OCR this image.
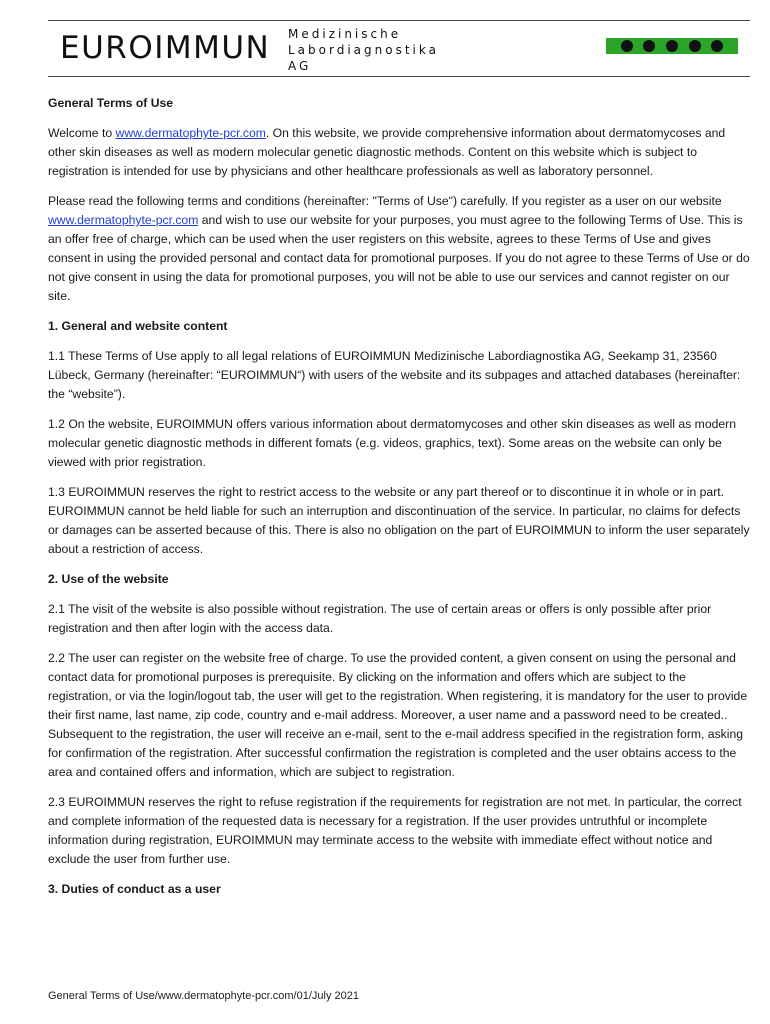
EUROIMMUN Medizinische
Labordiagnostika
AG
General Terms of Use

Welcome to www.dermatophyte-pcr.com. On this website, we provide comprehensive information about dermatomycoses and other skin diseases as well as modern molecular genetic diagnostic methods. Content on this website which is subject to registration is intended for use by physicians and other healthcare professionals as well as laboratory personnel.

Please read the following terms and conditions (hereinafter: "Terms of Use") carefully. If you register as a user on our website www.dermatophyte-pcr.com and wish to use our website for your purposes, you must agree to the following Terms of Use. This is an offer free of charge, which can be used when the user registers on this website, agrees to these Terms of Use and gives consent in using the provided personal and contact data for promotional purposes. If you do not agree to these Terms of Use or do not give consent in using the data for promotional purposes, you will not be able to use our services and cannot register on our site.

1. General and website content

1.1 These Terms of Use apply to all legal relations of EUROIMMUN Medizinische Labordiagnostika AG, Seekamp 31, 23560 Lübeck, Germany (hereinafter: “EUROIMMUN“) with users of the website and its subpages and attached databases (hereinafter: the “website”).

1.2 On the website, EUROIMMUN offers various information about dermatomycoses and other skin diseases as well as modern molecular genetic diagnostic methods in different fomats (e.g. videos, graphics, text). Some areas on the website can only be viewed with prior registration.

1.3 EUROIMMUN reserves the right to restrict access to the website or any part thereof or to discontinue it in whole or in part. EUROIMMUN cannot be held liable for such an interruption and discontinuation of the service. In particular, no claims for defects or damages can be asserted because of this. There is also no obligation on the part of EUROIMMUN to inform the user separately about a restriction of access.

2. Use of the website

2.1 The visit of the website is also possible without registration. The use of certain areas or offers is only possible after prior registration and then after login with the access data.

2.2 The user can register on the website free of charge. To use the provided content, a given consent on using the personal and contact data for promotional purposes is prerequisite. By clicking on the information and offers which are subject to the registration, or via the login/logout tab, the user will get to the registration. When registering, it is mandatory for the user to provide their first name, last name, zip code, country and e-mail address. Moreover, a user name and a password need to be created.. Subsequent to the registration, the user will receive an e-mail, sent to the e-mail address specified in the registration form, asking for confirmation of the registration. After successful confirmation the registration is completed and the user obtains access to the area and contained offers and information, which are subject to registration.

2.3 EUROIMMUN reserves the right to refuse registration if the requirements for registration are not met. In particular, the correct and complete information of the requested data is necessary for a registration. If the user provides untruthful or incomplete information during registration, EUROIMMUN may terminate access to the website with immediate effect without notice and exclude the user from further use.

3. Duties of conduct as a user
General Terms of Use/www.dermatophyte-pcr.com/01/July 2021
